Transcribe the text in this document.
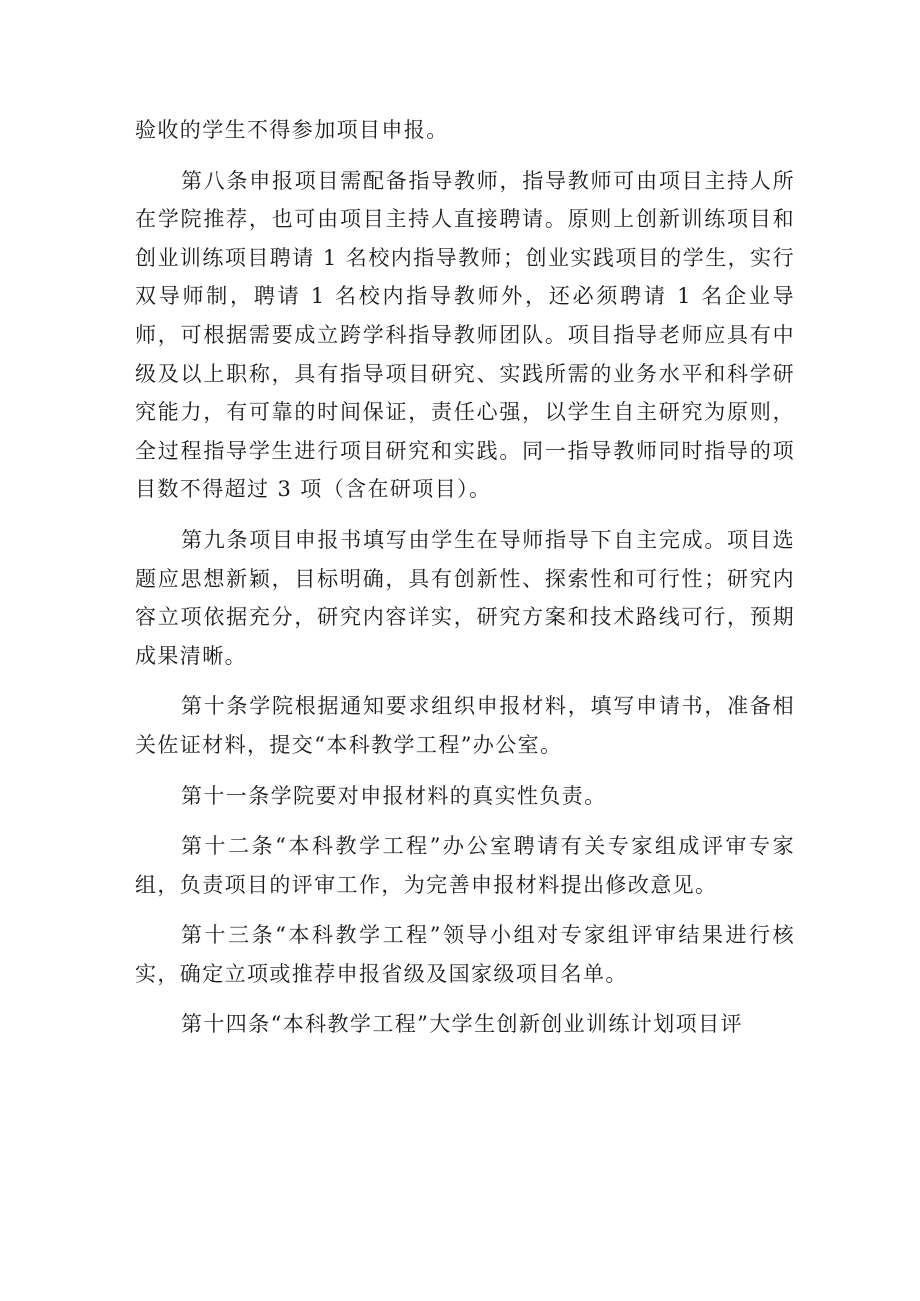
验收的学生不得参加项目申报。

第八条申报项目需配备指导教师，指导教师可由项目主持人所在学院推荐，也可由项目主持人直接聘请。原则上创新训练项目和创业训练项目聘请 1 名校内指导教师；创业实践项目的学生，实行双导师制，聘请 1 名校内指导教师外，还必须聘请 1 名企业导师，可根据需要成立跨学科指导教师团队。项目指导老师应具有中级及以上职称，具有指导项目研究、实践所需的业务水平和科学研究能力，有可靠的时间保证，责任心强，以学生自主研究为原则，全过程指导学生进行项目研究和实践。同一指导教师同时指导的项目数不得超过 3 项（含在研项目）。

第九条项目申报书填写由学生在导师指导下自主完成。项目选题应思想新颖，目标明确，具有创新性、探索性和可行性；研究内容立项依据充分，研究内容详实，研究方案和技术路线可行，预期成果清晰。

第十条学院根据通知要求组织申报材料，填写申请书，准备相关佐证材料，提交“本科教学工程”办公室。

第十一条学院要对申报材料的真实性负责。

第十二条“本科教学工程”办公室聘请有关专家组成评审专家组，负责项目的评审工作，为完善申报材料提出修改意见。

第十三条“本科教学工程”领导小组对专家组评审结果进行核实，确定立项或推荐申报省级及国家级项目名单。

第十四条“本科教学工程”大学生创新创业训练计划项目评
